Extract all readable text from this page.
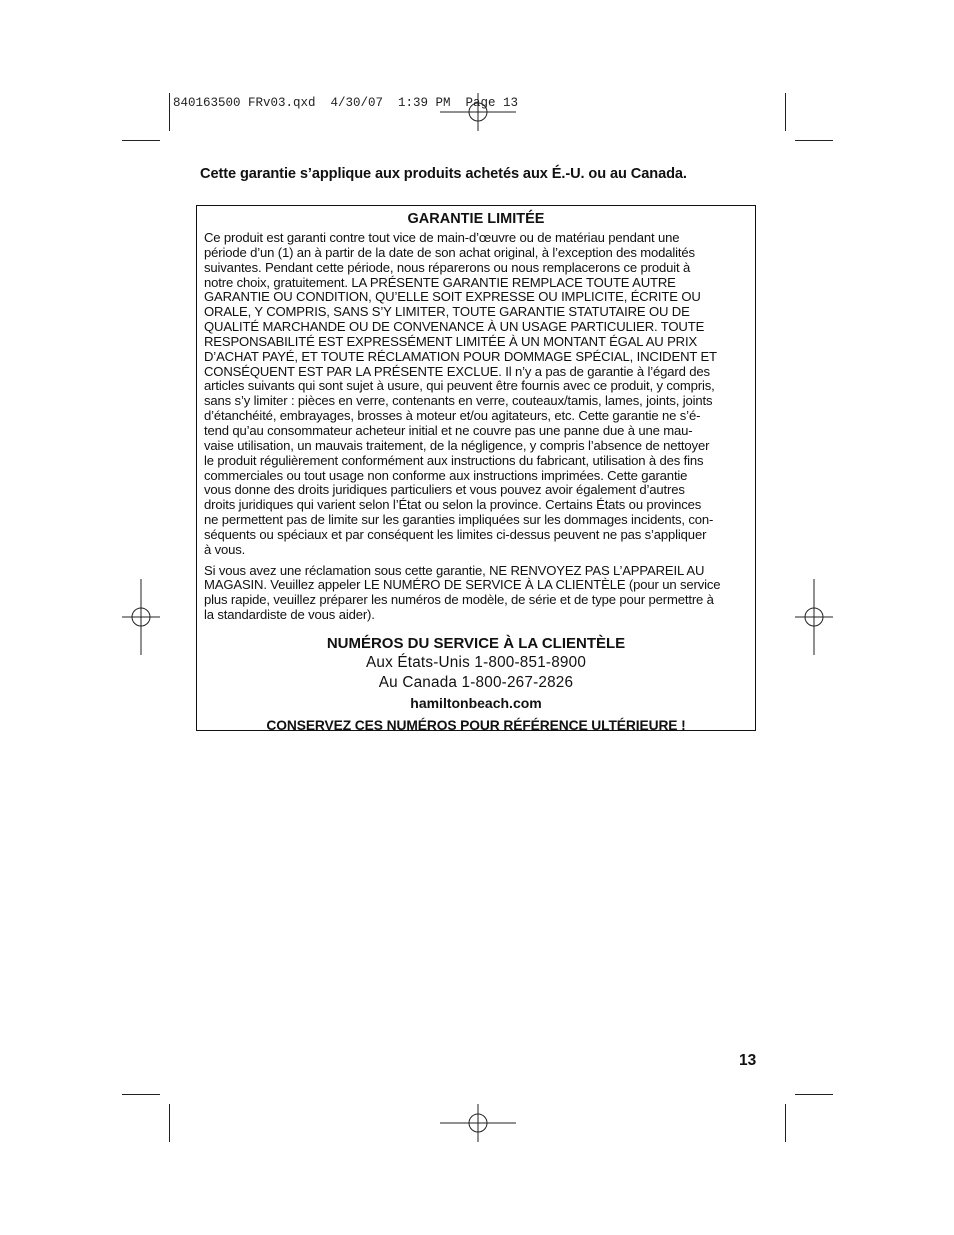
840163500 FRv03.qxd  4/30/07  1:39 PM  Page 13
Cette garantie s’applique aux produits achetés aux É.-U. ou au Canada.
GARANTIE LIMITÉE

Ce produit est garanti contre tout vice de main-d’œuvre ou de matériau pendant une
période d’un (1) an à partir de la date de son achat original, à l’exception des modalités
suivantes. Pendant cette période, nous réparerons ou nous remplacerons ce produit à
notre choix, gratuitement. LA PRÉSENTE GARANTIE REMPLACE TOUTE AUTRE
GARANTIE OU CONDITION, QU’ELLE SOIT EXPRESSE OU IMPLICITE, ÉCRITE OU
ORALE, Y COMPRIS, SANS S’Y LIMITER, TOUTE GARANTIE STATUTAIRE OU DE
QUALITÉ MARCHANDE OU DE CONVENANCE À UN USAGE PARTICULIER. TOUTE
RESPONSABILITÉ EST EXPRESSÉMENT LIMITÉE À UN MONTANT ÉGAL AU PRIX
D’ACHAT PAYÉ, ET TOUTE RÉCLAMATION POUR DOMMAGE SPÉCIAL, INCIDENT ET
CONSÉQUENT EST PAR LA PRÉSENTE EXCLUE. Il n’y a pas de garantie à l’égard des
articles suivants qui sont sujet à usure, qui peuvent être fournis avec ce produit, y compris,
sans s’y limiter : pièces en verre, contenants en verre, couteaux/tamis, lames, joints, joints
d’étanchéité, embrayages, brosses à moteur et/ou agitateurs, etc. Cette garantie ne s’é-
tend qu’au consommateur acheteur initial et ne couvre pas une panne due à une mau-
vaise utilisation, un mauvais traitement, de la négligence, y compris l’absence de nettoyer
le produit régulièrement conformément aux instructions du fabricant, utilisation à des fins
commerciales ou tout usage non conforme aux instructions imprimées. Cette garantie
vous donne des droits juridiques particuliers et vous pouvez avoir également d’autres
droits juridiques qui varient selon l’État ou selon la province. Certains États ou provinces
ne permettent pas de limite sur les garanties impliquées sur les dommages incidents, con-
séquents ou spéciaux et par conséquent les limites ci-dessus peuvent ne pas s’appliquer
à vous.

Si vous avez une réclamation sous cette garantie, NE RENVOYEZ PAS L’APPAREIL AU
MAGASIN. Veuillez appeler LE NUMÉRO DE SERVICE À LA CLIENTÈLE (pour un service
plus rapide, veuillez préparer les numéros de modèle, de série et de type pour permettre à
la standardiste de vous aider).

NUMÉROS DU SERVICE À LA CLIENTÈLE
Aux États-Unis 1-800-851-8900
Au Canada 1-800-267-2826
hamiltonbeach.com
CONSERVEZ CES NUMÉROS POUR RÉFÉRENCE ULTÉRIEURE !
13
